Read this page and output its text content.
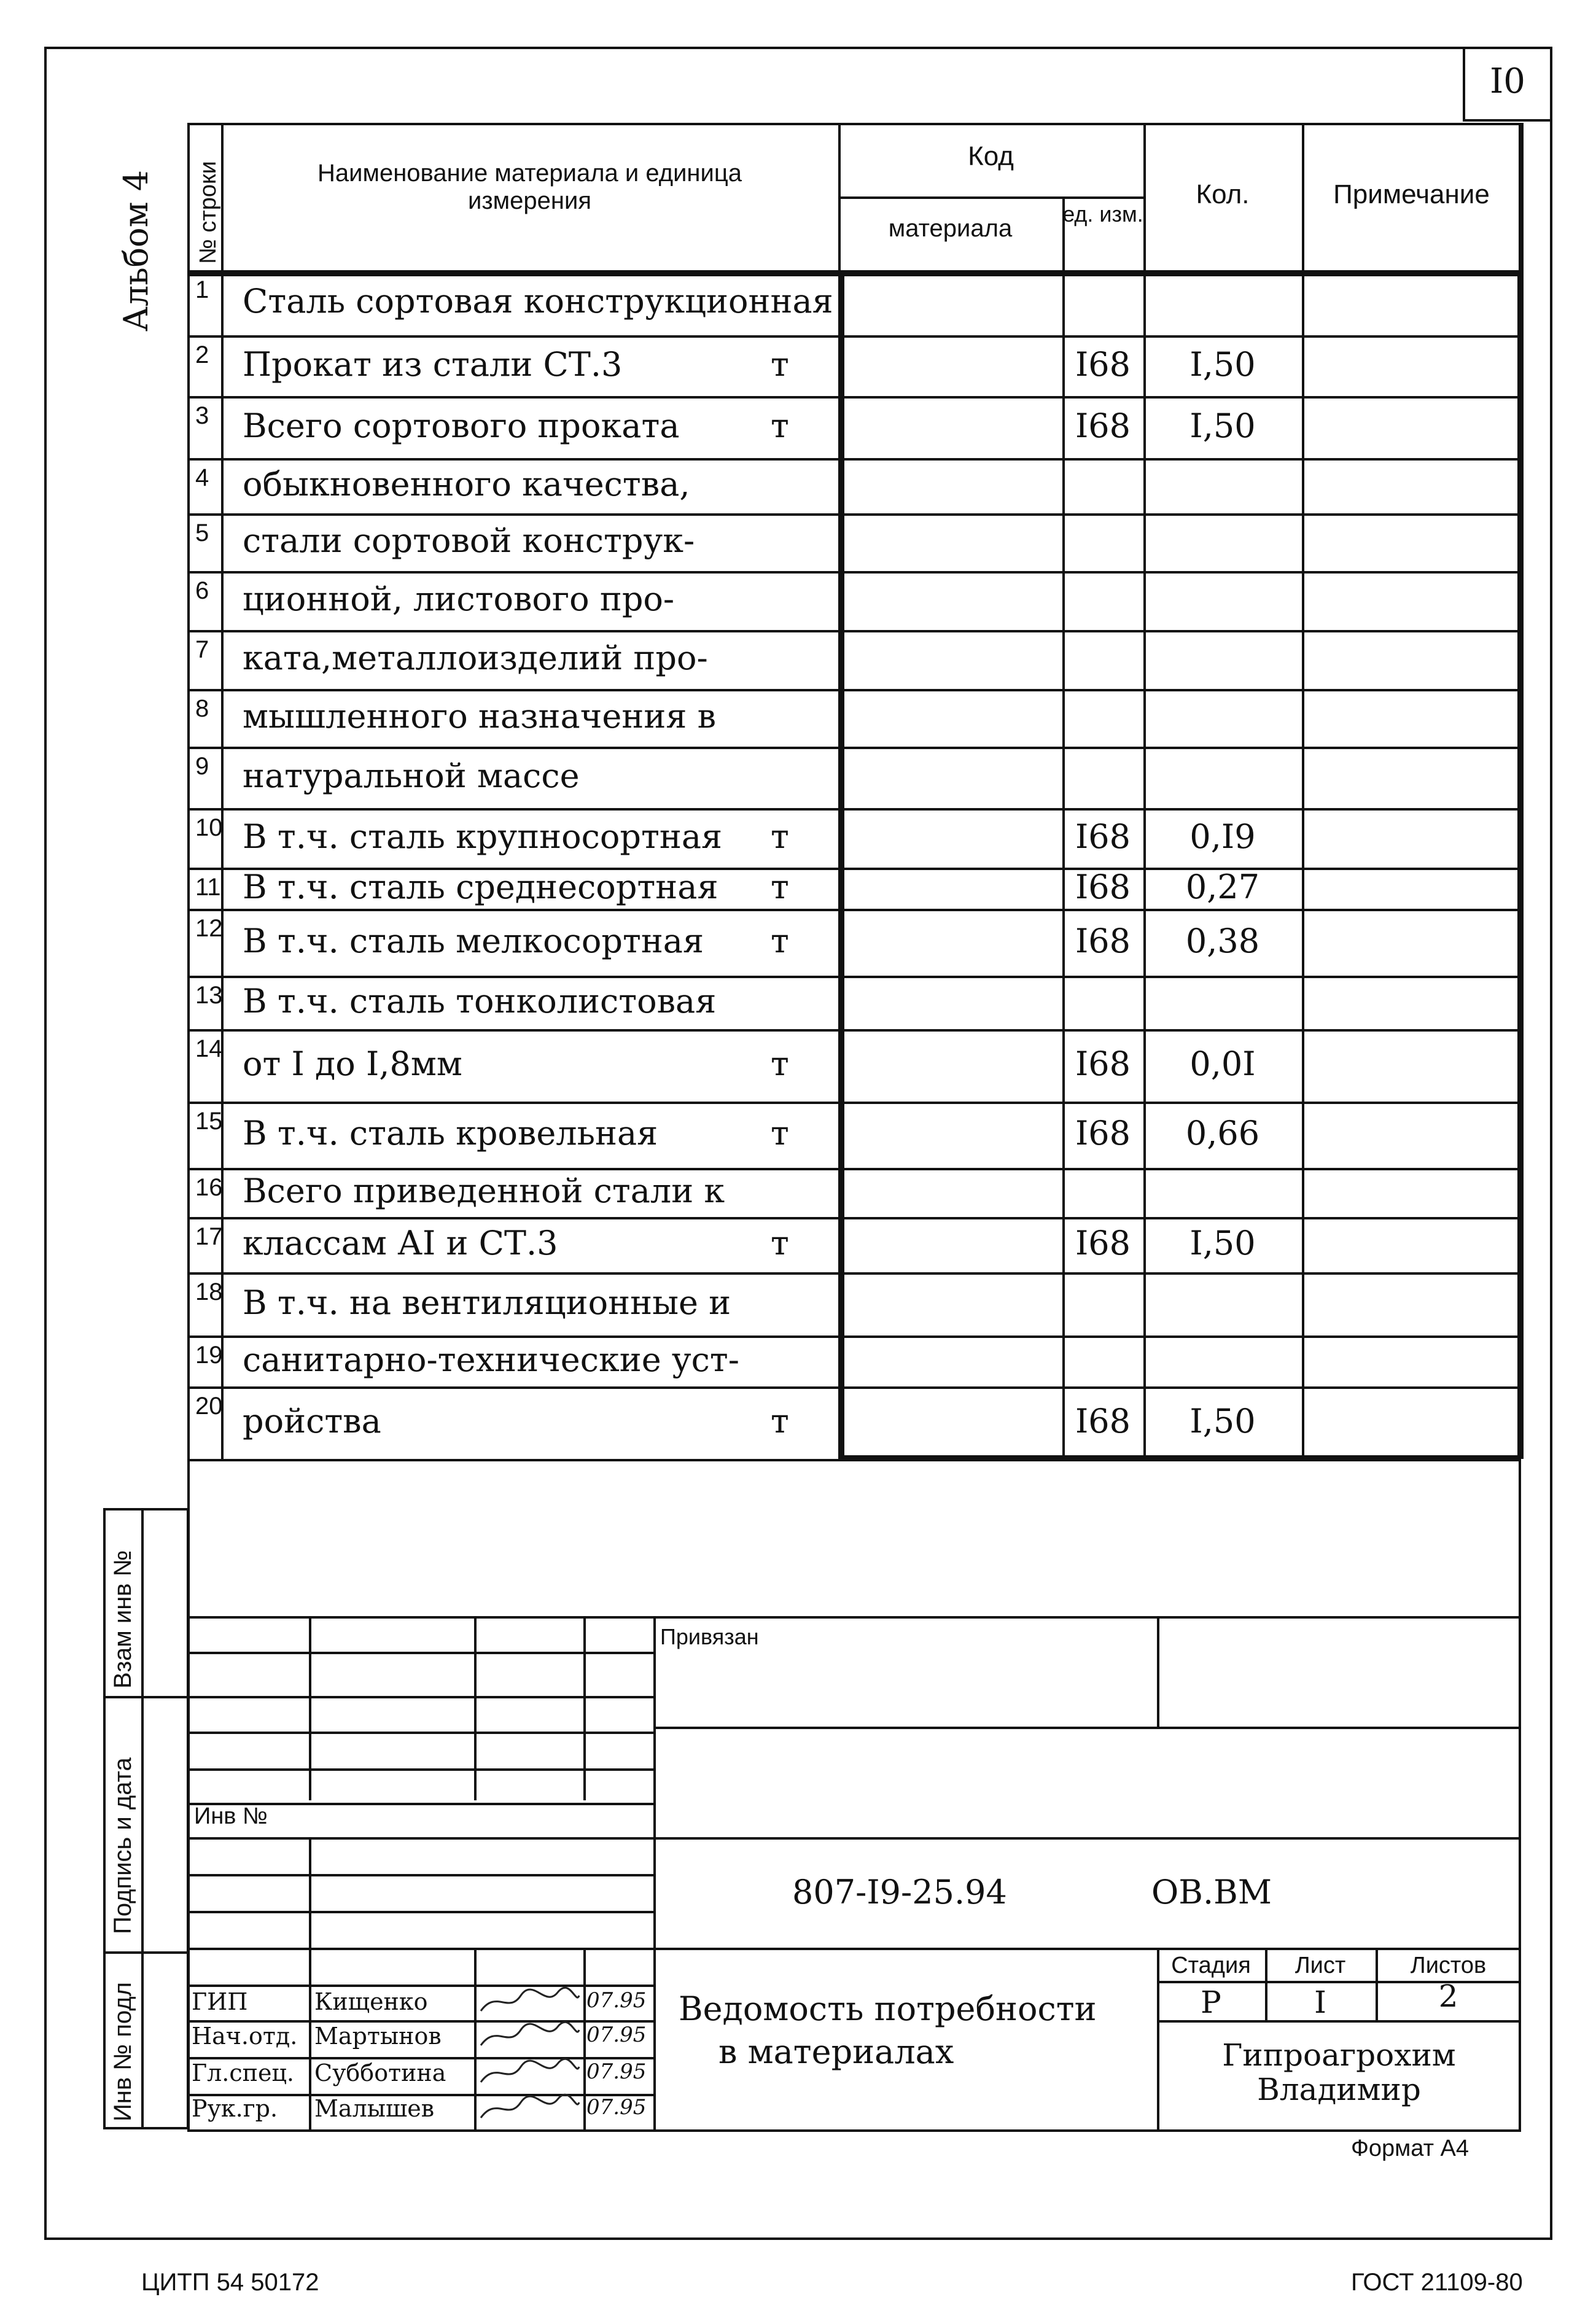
I0
Альбом 4 № строки	Наименование материала и единица измерения
Код
материала
ед. изм.
Кол.	Примечание
1 Сталь сортовая конструкционная
2 Прокат из стали СТ.3	т	I68	I,50
3 Всего сортового проката	т	I68	I,50
4 обыкновенного качества,
5 стали сортовой конструк-
6 ционной, листового про-
7 ката,металлоизделий про-
8 мышленного назначения в
9 натуральной массе
10 В т.ч. сталь крупносортная т	I68	0,I9
11 В т.ч. сталь среднесортная т	I68	0,27
12 В т.ч. сталь мелкосортная т	I68	0,38
13 В т.ч. сталь тонколистовая
14 от I до I,8мм	т	I68	0,0I
15 В т.ч. сталь кровельная	т	I68	0,66
16 Всего приведенной стали к
17 классам АI и СТ.3	т	I68	I,50
18 В т.ч. на вентиляционные и
19 санитарно-технические уст-
20 ройства	т	I68	I,50
Взам инв №
Подпись и дата
Инв № подл ГИП	Кищенко	07.95
Нач.отд. Мартынов	07.95
Гл.спец. Субботина	07.95
Рук.гр. Малышев	07.95
Привязан
Инв №
807-I9-25.94	ОВ.ВМ
Ведомость потребности
в материалах
Стадия	Лист	Листов
Р	I	2
Гипроагрохим
Владимир
Формат А4
ЦИТП 54 50172	ГОСТ 21109-80
